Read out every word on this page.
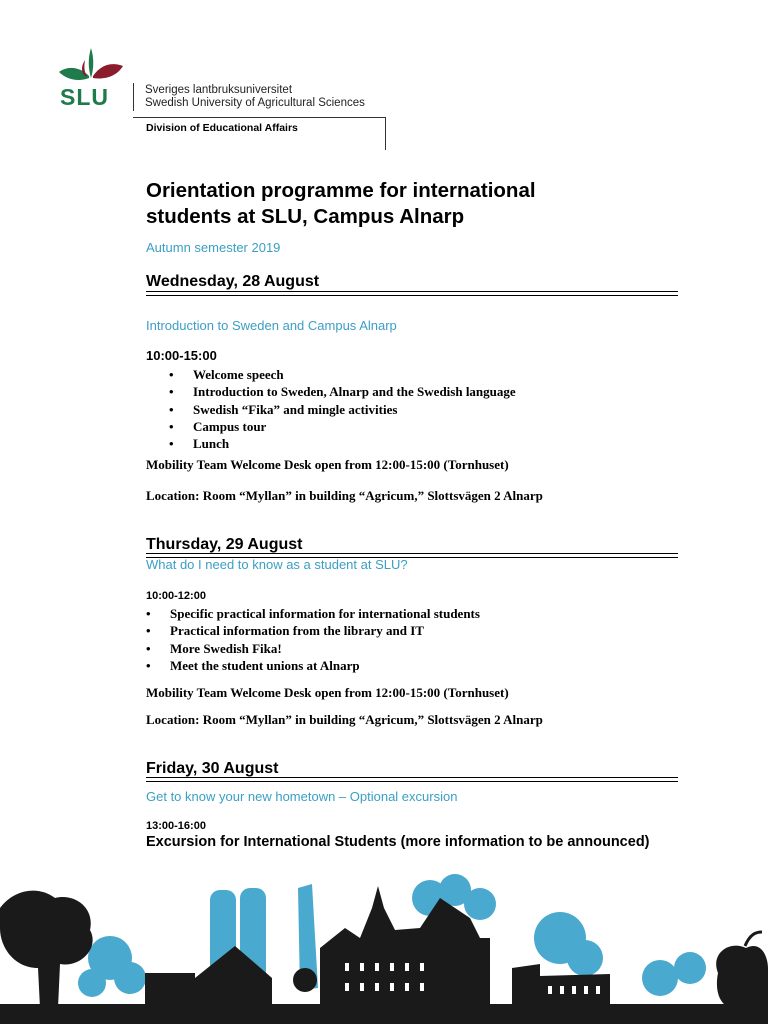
SLU	Sveriges lantbruksuniversitet
Swedish University of Agricultural Sciences
Division of Educational Affairs
Orientation programme for international
students at SLU, Campus Alnarp
Autumn semester 2019
Wednesday, 28 August
Introduction to Sweden and Campus Alnarp
10:00-15:00
• Welcome speech
• Introduction to Sweden, Alnarp and the Swedish language
• Swedish “Fika” and mingle activities
• Campus tour
• Lunch
Mobility Team Welcome Desk open from 12:00-15:00 (Tornhuset)
Location: Room “Myllan” in building “Agricum,” Slottsvägen 2 Alnarp
Thursday, 29 August
What do I need to know as a student at SLU?
10:00-12:00
• Specific practical information for international students
• Practical information from the library and IT
• More Swedish Fika!
• Meet the student unions at Alnarp
Mobility Team Welcome Desk open from 12:00-15:00 (Tornhuset)
Location: Room “Myllan” in building “Agricum,” Slottsvägen 2 Alnarp
Friday, 30 August
Get to know your new hometown – Optional excursion
13:00-16:00
Excursion for International Students (more information to be announced)
